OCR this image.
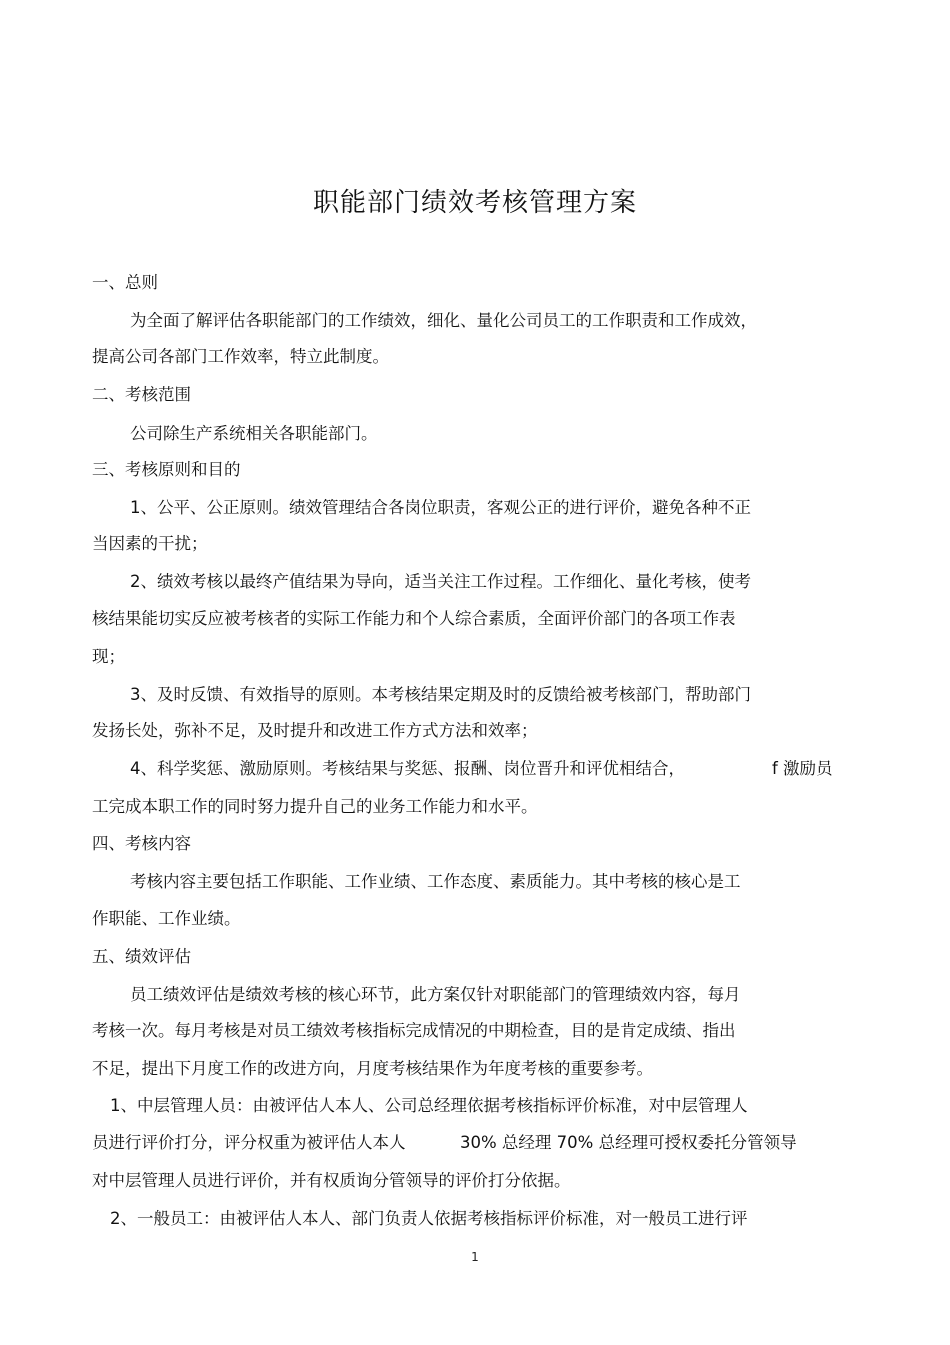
职能部门绩效考核管理方案
一、总则
为全面了解评估各职能部门的工作绩效，细化、量化公司员工的工作职责和工作成效，
提高公司各部门工作效率，特立此制度。
二、考核范围
公司除生产系统相关各职能部门。
三、考核原则和目的
1、公平、公正原则。绩效管理结合各岗位职责，客观公正的进行评价，避免各种不正
当因素的干扰；
2、绩效考核以最终产值结果为导向，适当关注工作过程。工作细化、量化考核，使考
核结果能切实反应被考核者的实际工作能力和个人综合素质，全面评价部门的各项工作表
现；
3、及时反馈、有效指导的原则。本考核结果定期及时的反馈给被考核部门，帮助部门
发扬长处，弥补不足，及时提升和改进工作方式方法和效率；
4、科学奖惩、激励原则。考核结果与奖惩、报酬、岗位晋升和评优相结合，	f 激励员
工完成本职工作的同时努力提升自己的业务工作能力和水平。
四、考核内容
考核内容主要包括工作职能、工作业绩、工作态度、素质能力。其中考核的核心是工
作职能、工作业绩。
五、绩效评估
员工绩效评估是绩效考核的核心环节，此方案仅针对职能部门的管理绩效内容，每月
考核一次。每月考核是对员工绩效考核指标完成情况的中期检查，目的是肯定成绩、指出
不足，提出下月度工作的改进方向，月度考核结果作为年度考核的重要参考。
1、中层管理人员：由被评估人本人、公司总经理依据考核指标评价标准，对中层管理人
员进行评价打分，评分权重为被评估人本人	30% 总经理 70% 总经理可授权委托分管领导
对中层管理人员进行评价，并有权质询分管领导的评价打分依据。
2、一般员工：由被评估人本人、部门负责人依据考核指标评价标准，对一般员工进行评
1
